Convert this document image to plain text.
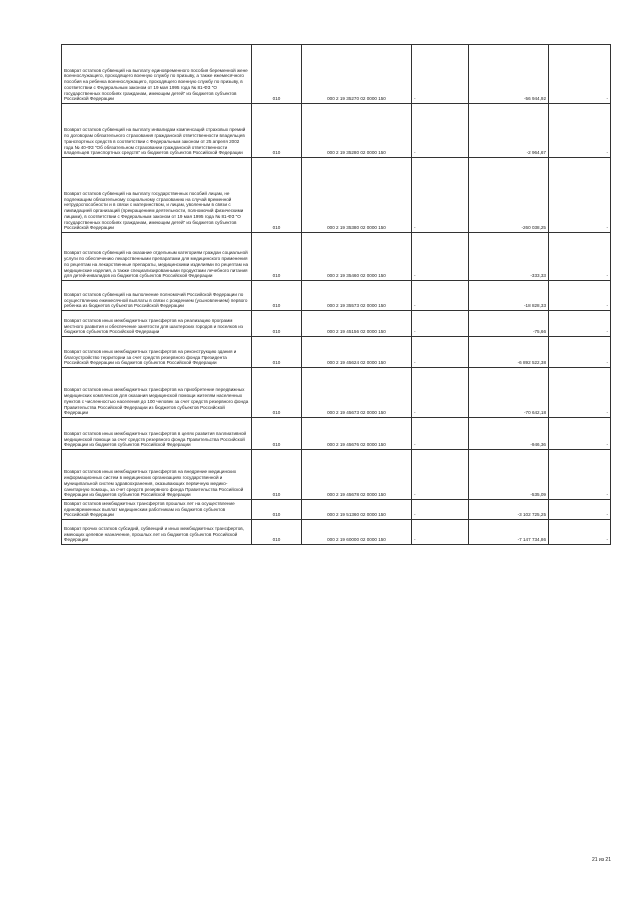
Возврат остатков субвенций на выплату единовременного пособия беременной жене военнослужащего, проходящего военную службу по призыву, а также ежемесячного пособия на ребенка военнослужащего, проходящего военную службу по призыву, в соответствии с Федеральным законом от 19 мая 1995 года № 81-ФЗ "О государственных пособиях гражданам, имеющим детей" из бюджетов субъектов Российской Федерации	010	000 2 19 35270 02 0000 150	-	-56 944,92	-
Возврат остатков субвенций на выплату инвалидам компенсаций страховых премий по договорам обязательного страхования гражданской ответственности владельцев транспортных средств в соответствии с Федеральным законом от 25 апреля 2002 года № 40-ФЗ "Об обязательном страховании гражданской ответственности владельцев транспортных средств" из бюджетов субъектов Российской Федерации	010	000 2 19 35280 02 0000 150	-	-2 964,67	-
Возврат остатков субвенций на выплату государственных пособий лицам, не подлежащим обязательному социальному страхованию на случай временной нетрудоспособности и в связи с материнством, и лицам, уволенным в связи с ликвидацией организаций (прекращением деятельности, полномочий физическими лицами), в соответствии с Федеральным законом от 19 мая 1995 года № 81-ФЗ "О государственных пособиях гражданам, имеющим детей" из бюджетов субъектов Российской Федерации	010	000 2 19 35380 02 0000 150	-	-260 038,25	-
Возврат остатков субвенций на оказание отдельным категориям граждан социальной услуги по обеспечению лекарственными препаратами для медицинского применения по рецептам на лекарственные препараты, медицинскими изделиями по рецептам на медицинские изделия, а также специализированными продуктами лечебного питания для детей-инвалидов из бюджетов субъектов Российской Федерации	010	000 2 19 35460 02 0000 150	-	-333,33	-
Возврат остатков субвенций на выполнение полномочий Российской Федерации по осуществлению ежемесячной выплаты в связи с рождением (усыновлением) первого ребенка из бюджетов субъектов Российской Федерации	010	000 2 19 35573 02 0000 150	-	-18 828,33	-
Возврат остатков иных межбюджетных трансфертов на реализацию программ местного развития и обеспечение занятости для шахтерских городов и поселков из бюджетов субъектов Российской Федерации	010	000 2 19 45156 02 0000 150	-	-75,66	-
Возврат остатков иных межбюджетных трансфертов на реконструкцию здания и благоустройство территории за счет средств резервного фонда Президента Российской Федерации из бюджетов субъектов Российской Федерации	010	000 2 19 45624 02 0000 150	-	-6 892 522,38	-
Возврат остатков иных межбюджетных трансфертов на приобретение передвижных медицинских комплексов для оказания медицинской помощи жителям населенных пунктов с численностью населения до 100 человек за счет средств резервного фонда Правительства Российской Федерации из бюджетов субъектов Российской Федерации	010	000 2 19 45673 02 0000 150	-	-70 642,18	-
Возврат остатков иных межбюджетных трансфертов в целях развития паллиативной медицинской помощи за счет средств резервного фонда Правительства Российской Федерации из бюджетов субъектов Российской Федерации	010	000 2 19 45676 02 0000 150	-	-946,36	-
Возврат остатков иных межбюджетных трансфертов на внедрение медицинских информационных систем в медицинских организациях государственной и муниципальной систем здравоохранения, оказывающих первичную медико-санитарную помощь, за счет средств резервного фонда Правительства Российской Федерации из бюджетов субъектов Российской Федерации	010	000 2 19 45678 02 0000 150	-	-535,09	-
Возврат остатков межбюджетных трансфертов прошлых лет на осуществление единовременных выплат медицинским работникам из бюджетов субъектов Российской Федерации	010	000 2 19 51360 02 0000 150	-	-3 102 725,25	-
Возврат прочих остатков субсидий, субвенций и иных межбюджетных трансфертов, имеющих целевое назначение, прошлых лет из бюджетов субъектов Российской Федерации	010	000 2 19 60000 02 0000 150	-	-7 147 734,86	-
21 из 21
